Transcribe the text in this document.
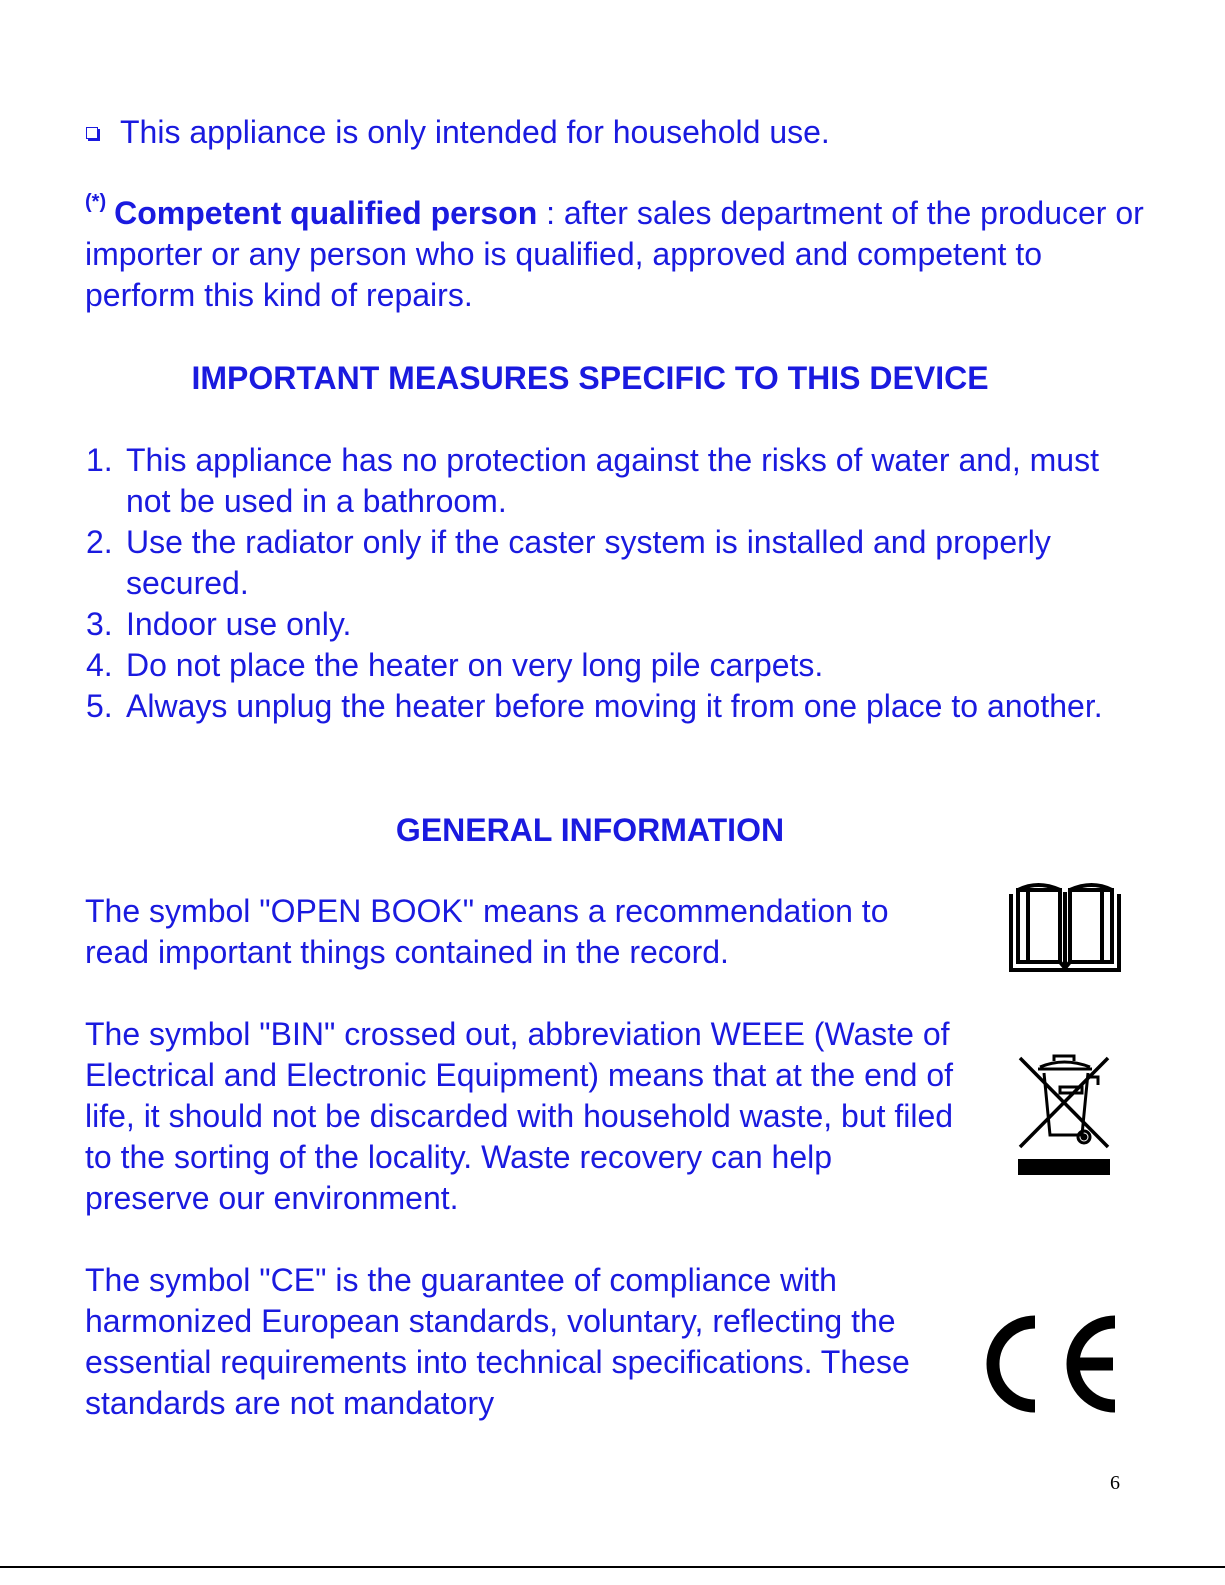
This appliance is only intended for household use.

(*) Competent qualified person : after sales department of the producer or importer or any person who is qualified, approved and competent to perform this kind of repairs.

IMPORTANT MEASURES SPECIFIC TO THIS DEVICE
1. This appliance has no protection against the risks of water and, must not be used in a bathroom.
2. Use the radiator only if the caster system is installed and properly secured.
3. Indoor use only.
4. Do not place the heater on very long pile carpets.
5. Always unplug the heater before moving it from one place to another.
GENERAL INFORMATION

The symbol "OPEN BOOK" means a recommendation to read important things contained in the record.

The symbol "BIN" crossed out, abbreviation WEEE (Waste of Electrical and Electronic Equipment) means that at the end of life, it should not be discarded with household waste, but filed to the sorting of the locality. Waste recovery can help preserve our environment.

The symbol "CE" is the guarantee of compliance with harmonized European standards, voluntary, reflecting the essential requirements into technical specifications. These standards are not mandatory

6
